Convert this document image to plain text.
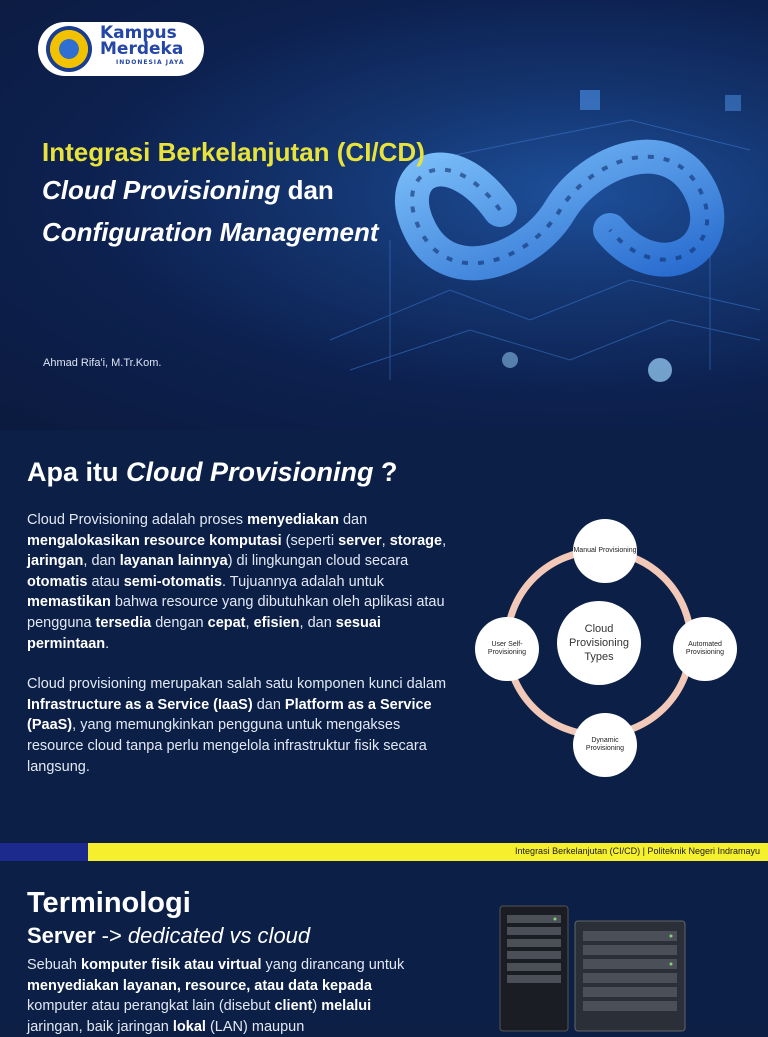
Kampus
Merdeka
INDONESIA JAYA
Integrasi Berkelanjutan (CI/CD)
Cloud Provisioning dan
Configuration Management
Ahmad Rifa'i, M.Tr.Kom.
Apa itu Cloud Provisioning ?

Cloud Provisioning adalah proses menyediakan dan mengalokasikan resource komputasi (seperti server, storage, jaringan, dan layanan lainnya) di lingkungan cloud secara otomatis atau semi-otomatis. Tujuannya adalah untuk memastikan bahwa resource yang dibutuhkan oleh aplikasi atau pengguna tersedia dengan cepat, efisien, dan sesuai permintaan.

Cloud provisioning merupakan salah satu komponen kunci dalam Infrastructure as a Service (IaaS) dan Platform as a Service (PaaS), yang memungkinkan pengguna untuk mengakses resource cloud tanpa perlu mengelola infrastruktur fisik secara langsung.

Cloud Provisioning Types
Manual Provisioning
Automated Provisioning
Dynamic Provisioning
User Self-Provisioning
Integrasi Berkelanjutan (CI/CD) | Politeknik Negeri Indramayu
Terminologi
Server -> dedicated vs cloud
Sebuah komputer fisik atau virtual yang dirancang untuk menyediakan layanan, resource, atau data kepada komputer atau perangkat lain (disebut client) melalui jaringan, baik jaringan lokal (LAN) maupun
